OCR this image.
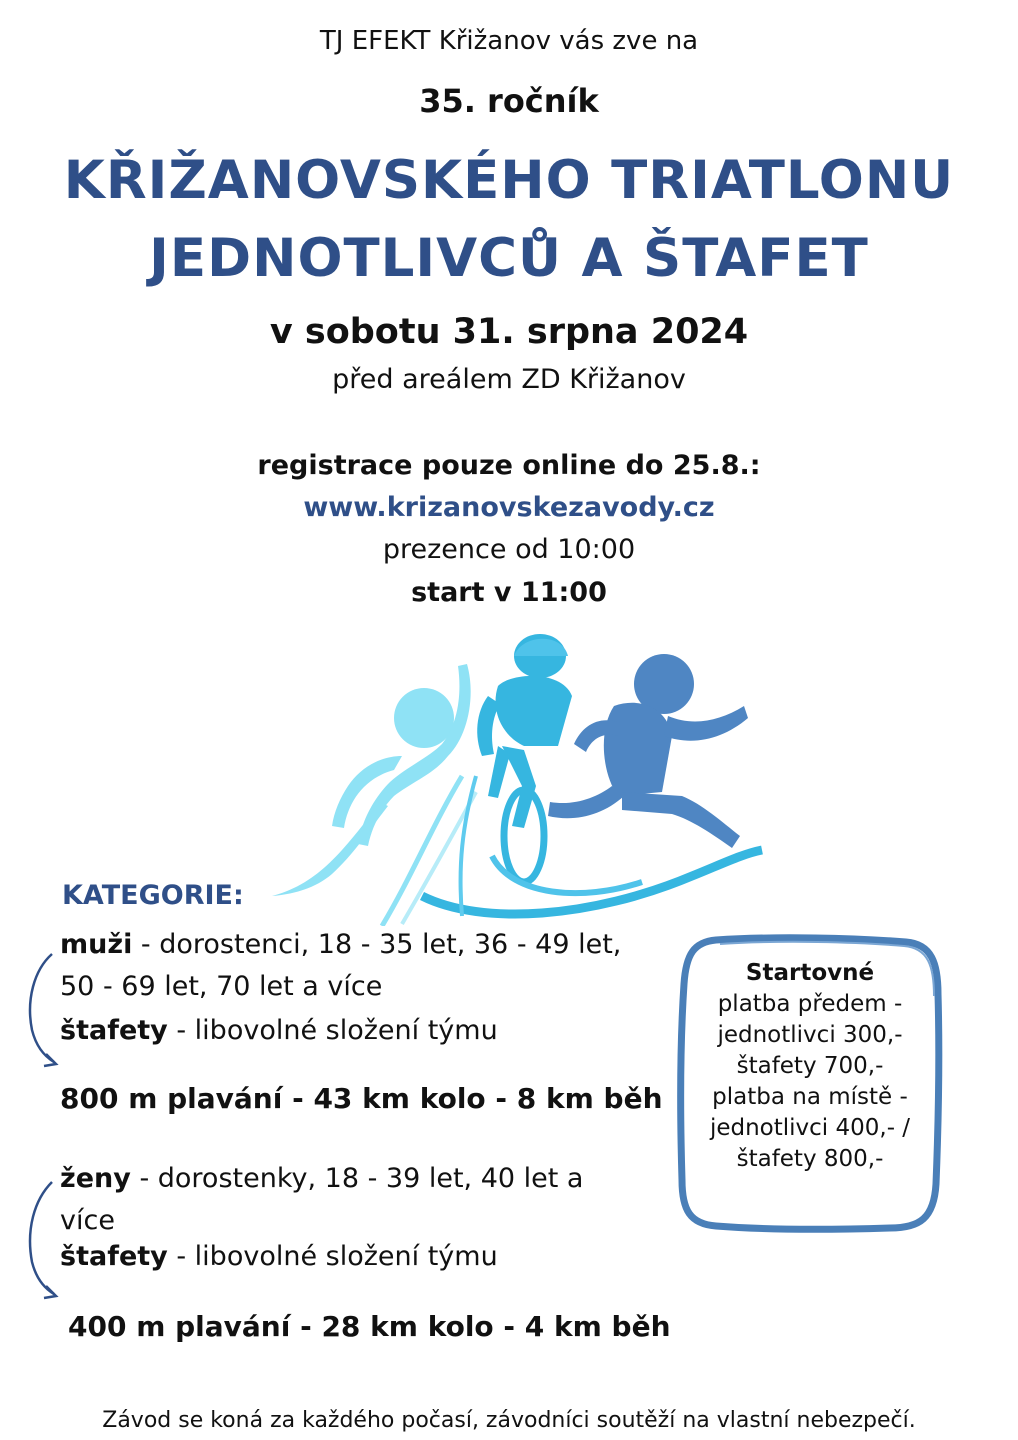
TJ EFEKT Křižanov vás zve na
35. ročník
KŘIŽANOVSKÉHO TRIATLONU
JEDNOTLIVCŮ A ŠTAFET
v sobotu 31. srpna 2024
před areálem ZD Křižanov
registrace pouze online do 25.8.:
www.krizanovskezavody.cz
prezence od 10:00
start v 11:00
KATEGORIE:
muži - dorostenci, 18 - 35 let, 36 - 49 let,
50 - 69 let, 70 let a více
štafety - libovolné složení týmu
800 m plavání - 43 km kolo - 8 km běh
ženy - dorostenky, 18 - 39 let, 40 let a
více
štafety - libovolné složení týmu
400 m plavání - 28 km kolo - 4 km běh
Startovné
platba předem -
jednotlivci 300,-
štafety 700,-
platba na místě -
jednotlivci 400,- /
štafety 800,-
Závod se koná za každého počasí, závodníci soutěží na vlastní nebezpečí.
